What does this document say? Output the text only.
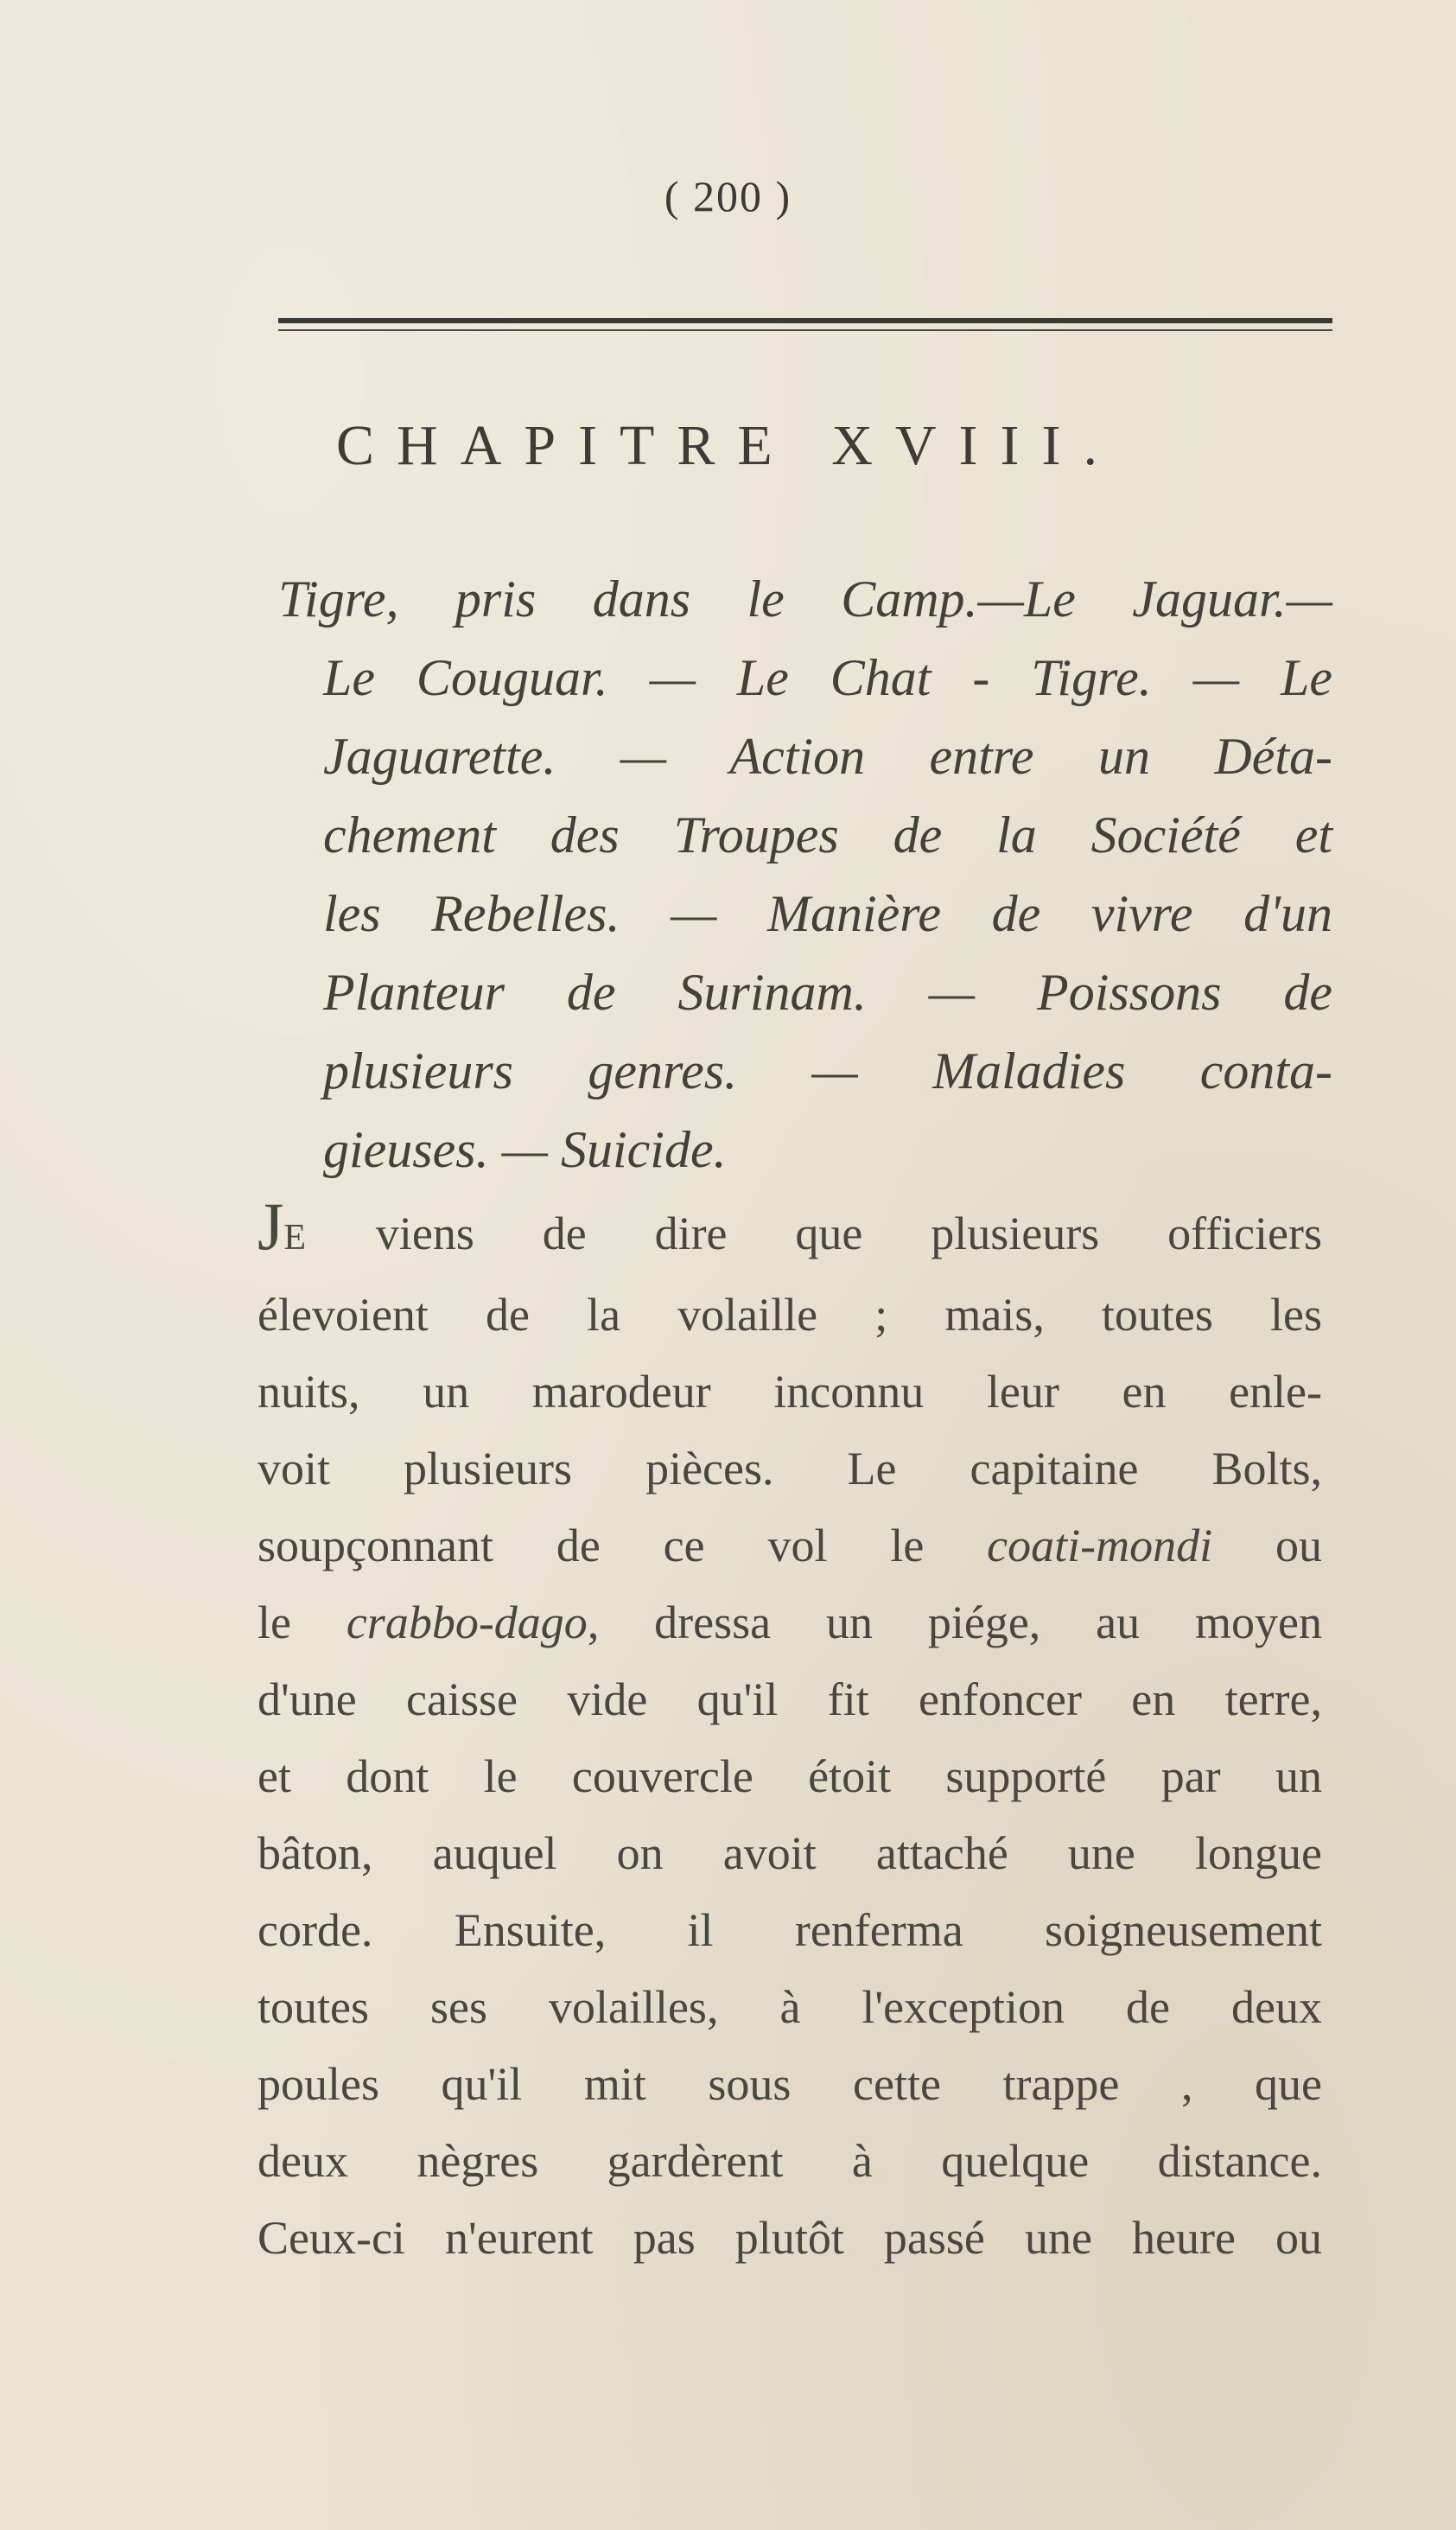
( 200 )
CHAPITRE XVIII.
Tigre, pris dans le Camp.—Le Jaguar.—
Le Couguar. — Le Chat - Tigre. — Le
Jaguarette. — Action entre un Déta-
chement des Troupes de la Société et
les Rebelles. — Manière de vivre d'un
Planteur de Surinam. — Poissons de
plusieurs genres. — Maladies conta-
gieuses. — Suicide.
JE viens de dire que plusieurs officiers
élevoient de la volaille ; mais, toutes les
nuits, un marodeur inconnu leur en enle-
voit plusieurs pièces. Le capitaine Bolts,
soupçonnant de ce vol le coati-mondi ou
le crabbo-dago, dressa un piége, au moyen
d'une caisse vide qu'il fit enfoncer en terre,
et dont le couvercle étoit supporté par un
bâton, auquel on avoit attaché une longue
corde. Ensuite, il renferma soigneusement
toutes ses volailles, à l'exception de deux
poules qu'il mit sous cette trappe , que
deux nègres gardèrent à quelque distance.
Ceux-ci n'eurent pas plutôt passé une heure ou
